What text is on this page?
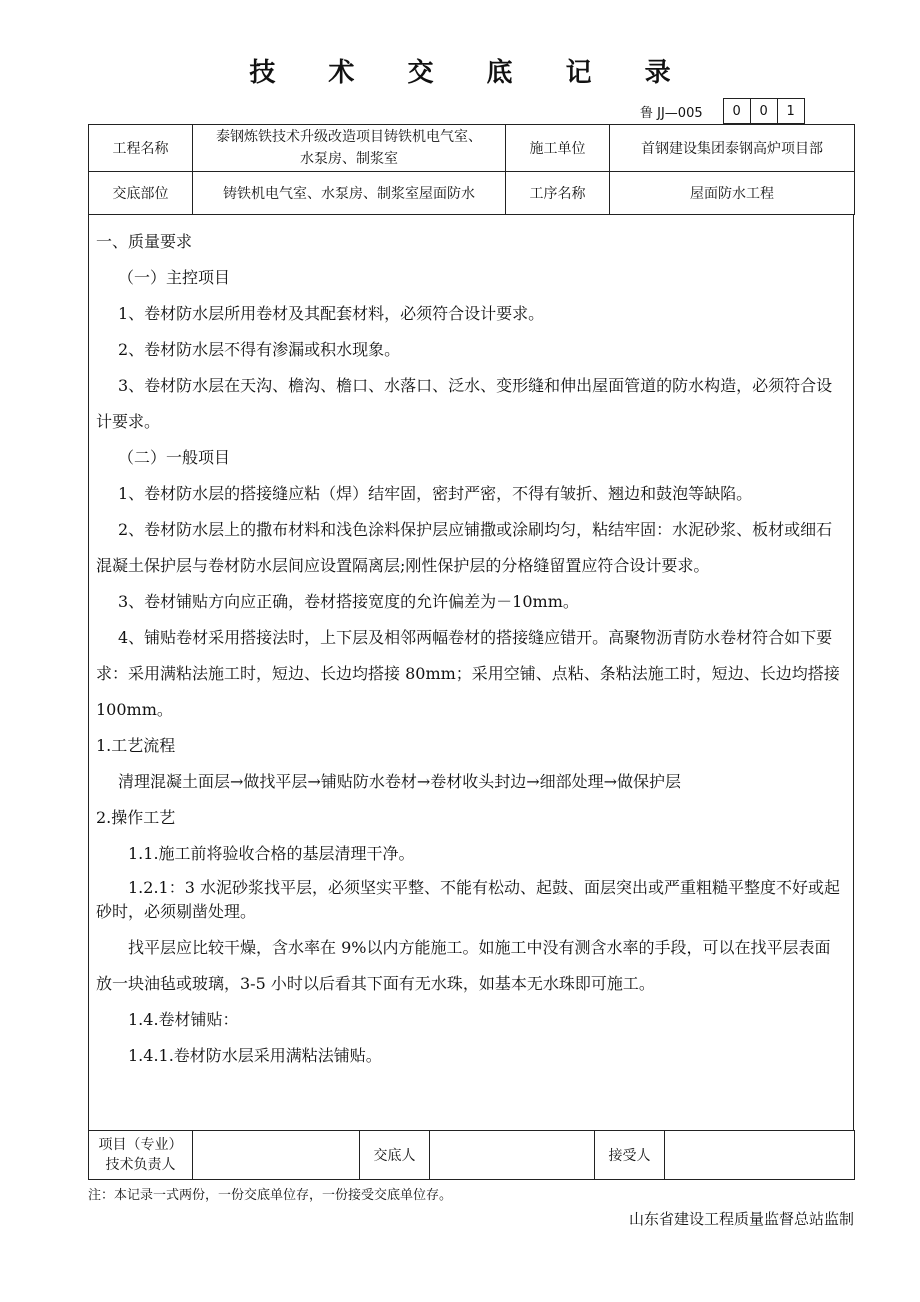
技 术 交 底 记 录
鲁 JJ—005	0	0	1
工程名称	泰钢炼铁技术升级改造项目铸铁机电气室、
水泵房、制浆室	施工单位	首钢建设集团泰钢高炉项目部
交底部位	铸铁机电气室、水泵房、制浆室屋面防水	工序名称	屋面防水工程

一、质量要求

（一）主控项目

1、卷材防水层所用卷材及其配套材料，必须符合设计要求。

2、卷材防水层不得有渗漏或积水现象。

3、卷材防水层在天沟、檐沟、檐口、水落口、泛水、变形缝和伸出屋面管道的防水构造，必须符合设计要求。

（二）一般项目

1、卷材防水层的搭接缝应粘（焊）结牢固，密封严密，不得有皱折、翘边和鼓泡等缺陷。

2、卷材防水层上的撒布材料和浅色涂料保护层应铺撒或涂刷均匀，粘结牢固：水泥砂浆、板材或细石混凝土保护层与卷材防水层间应设置隔离层;刚性保护层的分格缝留置应符合设计要求。

3、卷材铺贴方向应正确，卷材搭接宽度的允许偏差为－10mm。

4、铺贴卷材采用搭接法时，上下层及相邻两幅卷材的搭接缝应错开。高聚物沥青防水卷材符合如下要求：采用满粘法施工时，短边、长边均搭接 80mm；采用空铺、点粘、条粘法施工时，短边、长边均搭接 100mm。

1.工艺流程

清理混凝土面层→做找平层→铺贴防水卷材→卷材收头封边→细部处理→做保护层

2.操作工艺

1.1.施工前将验收合格的基层清理干净。

1.2.1：3 水泥砂浆找平层，必须坚实平整、不能有松动、起鼓、面层突出或严重粗糙平整度不好或起砂时，必须剔凿处理。

找平层应比较干燥，含水率在 9%以内方能施工。如施工中没有测含水率的手段，可以在找平层表面放一块油毡或玻璃，3-5 小时以后看其下面有无水珠，如基本无水珠即可施工。

1.4.卷材铺贴：

1.4.1.卷材防水层采用满粘法铺贴。

项目（专业）
技术负责人
		交底人		接受人	
注：本记录一式两份，一份交底单位存，一份接受交底单位存。
山东省建设工程质量监督总站监制
